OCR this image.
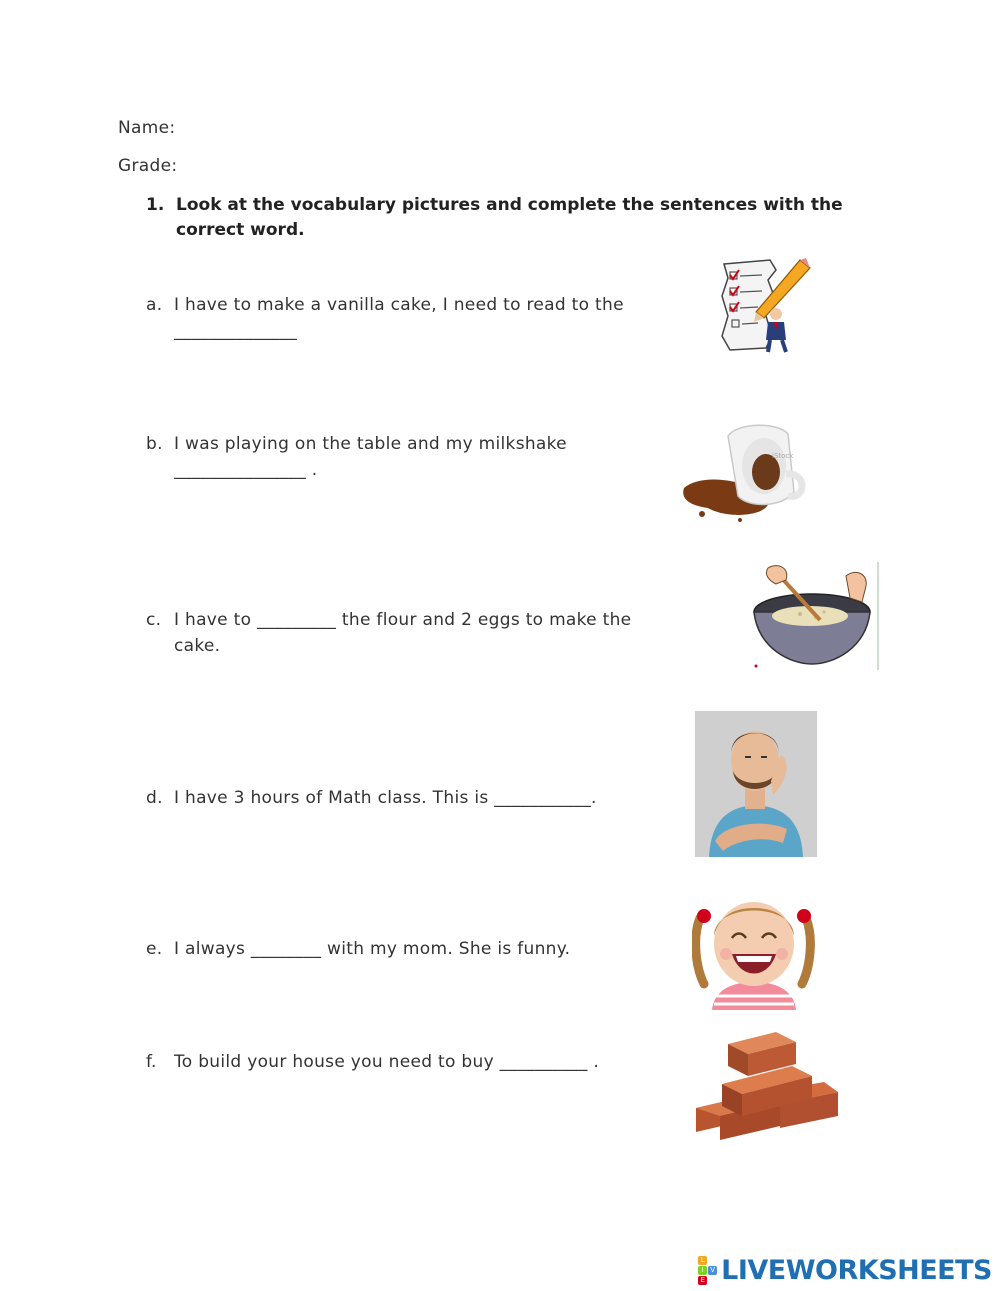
Name:
Grade:
1. Look at the vocabulary pictures and complete the sentences with the
correct word.
a. I have to make a vanilla cake, I need to read to the
______________
b. I was playing on the table and my milkshake
_______________ .
iStock
c. I have to _________ the flour and 2 eggs to make the
cake.
d. I have 3 hours of Math class. This is ___________.
e. I always ________ with my mom. She is funny.
f. To build your house you need to buy __________ .
L
I V
E LIVEWORKSHEETS
